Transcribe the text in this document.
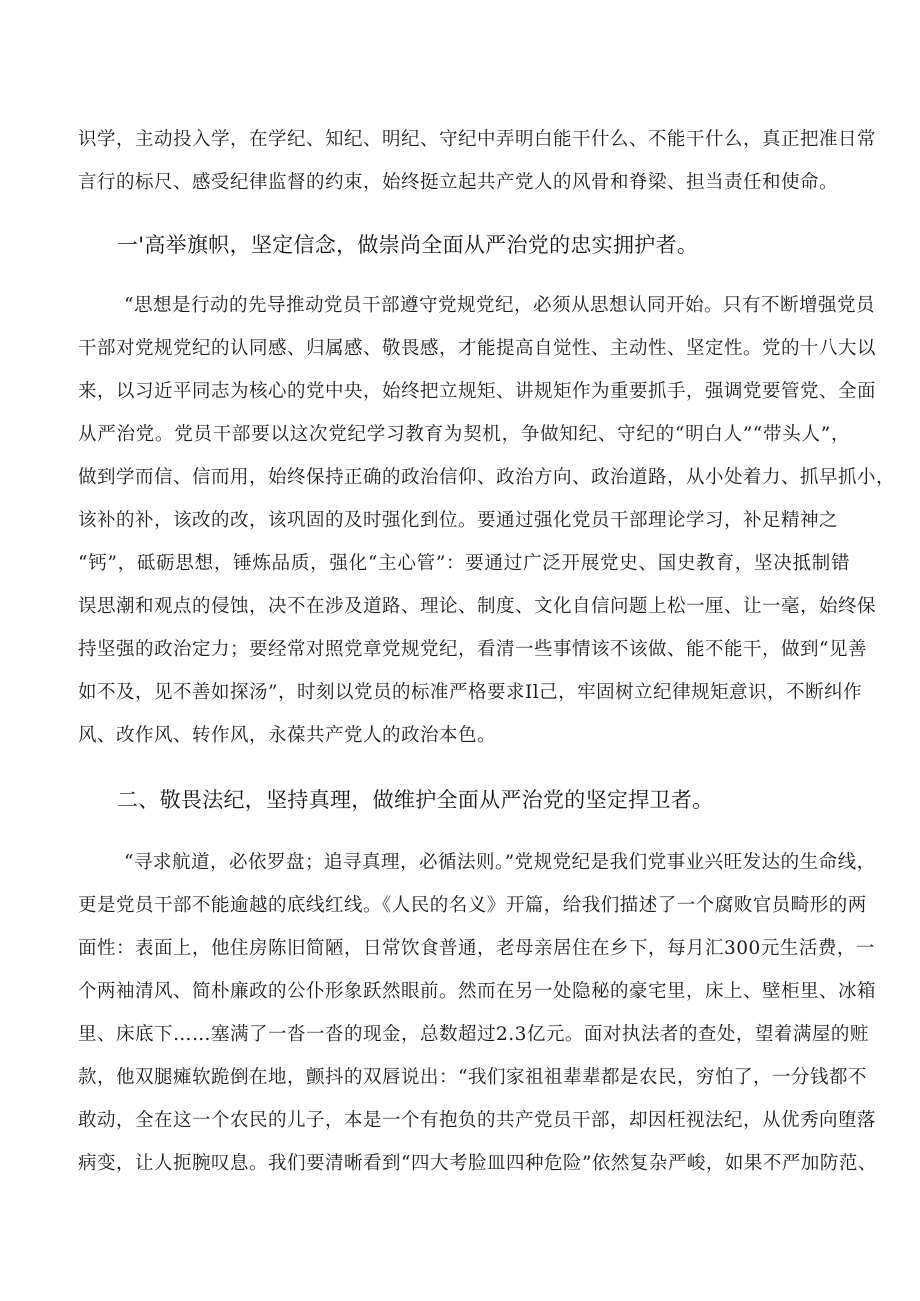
识学，主动投入学，在学纪、知纪、明纪、守纪中弄明白能干什么、不能干什么，真正把准日常
言行的标尺、感受纪律监督的约束，始终挺立起共产党人的风骨和脊梁、担当责任和使命。
一'高举旗帜，坚定信念，做崇尚全面从严治党的忠实拥护者。
“思想是行动的先导推动党员干部遵守党规党纪，必须从思想认同开始。只有不断增强党员
干部对党规党纪的认同感、归属感、敬畏感，才能提高自觉性、主动性、坚定性。党的十八大以
来，以习近平同志为核心的党中央，始终把立规矩、讲规矩作为重要抓手，强调党要管党、全面
从严治党。党员干部要以这次党纪学习教育为契机，争做知纪、守纪的“明白人”“带头人”，
做到学而信、信而用，始终保持正确的政治信仰、政治方向、政治道路，从小处着力、抓早抓小，
该补的补，该改的改，该巩固的及时强化到位。要通过强化党员干部理论学习，补足精神之
“钙”，砥砺思想，锤炼品质，强化“主心管”：要通过广泛开展党史、国史教育，坚决抵制错
误思潮和观点的侵蚀，决不在涉及道路、理论、制度、文化自信问题上松一厘、让一毫，始终保
持坚强的政治定力；要经常对照党章党规党纪，看清一些事情该不该做、能不能干，做到“见善
如不及，见不善如探汤”，时刻以党员的标准严格要求Il己，牢固树立纪律规矩意识，不断纠作
风、改作风、转作风，永葆共产党人的政治本色。
二、敬畏法纪，坚持真理，做维护全面从严治党的坚定捍卫者。
“寻求航道，必依罗盘；追寻真理，必循法则。”党规党纪是我们党事业兴旺发达的生命线，
更是党员干部不能逾越的底线红线。《人民的名义》开篇，给我们描述了一个腐败官员畸形的两
面性：表面上，他住房陈旧简陋，日常饮食普通，老母亲居住在乡下，每月汇300元生活费，一
个两袖清风、简朴廉政的公仆形象跃然眼前。然而在另一处隐秘的豪宅里，床上、壁柜里、冰箱
里、床底下……塞满了一沓一沓的现金，总数超过2.3亿元。面对执法者的查处，望着满屋的赃
款，他双腿瘫软跪倒在地，颤抖的双唇说出：“我们家祖祖辈辈都是农民，穷怕了，一分钱都不
敢动，全在这一个农民的儿子，本是一个有抱负的共产党员干部，却因枉视法纪，从优秀向堕落
病变，让人扼腕叹息。我们要清晰看到“四大考脸皿四种危险”依然复杂严峻，如果不严加防范、
